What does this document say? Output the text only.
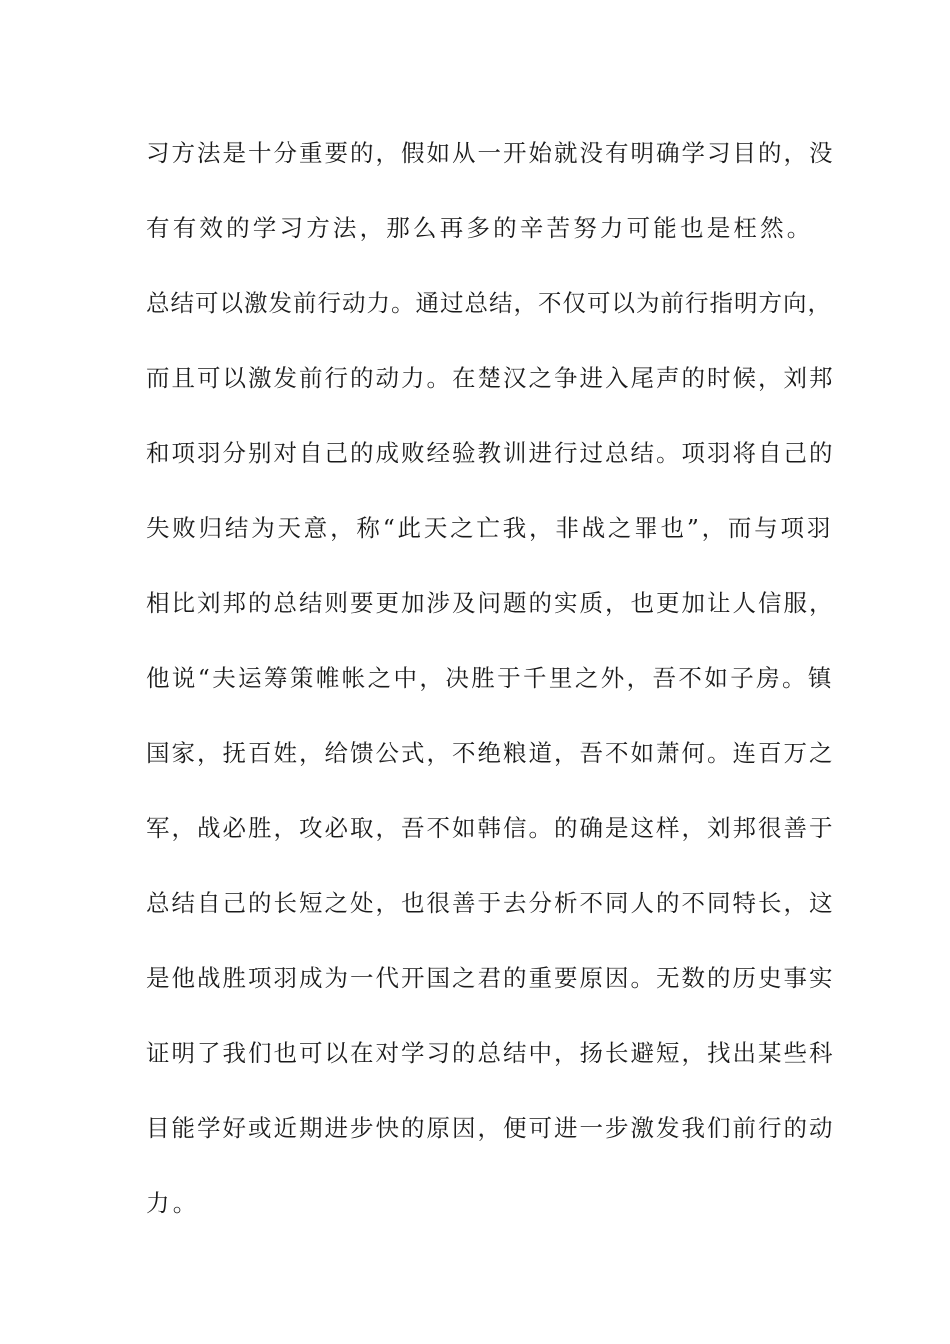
习方法是十分重要的，假如从一开始就没有明确学习目的，没
有有效的学习方法，那么再多的辛苦努力可能也是枉然。
总结可以激发前行动力。通过总结，不仅可以为前行指明方向，
而且可以激发前行的动力。在楚汉之争进入尾声的时候，刘邦
和项羽分别对自己的成败经验教训进行过总结。项羽将自己的
失败归结为天意，称“此天之亡我，非战之罪也”，而与项羽
相比刘邦的总结则要更加涉及问题的实质，也更加让人信服，
他说“夫运筹策帷帐之中，决胜于千里之外，吾不如子房。镇
国家，抚百姓，给馈公式，不绝粮道，吾不如萧何。连百万之
军，战必胜，攻必取，吾不如韩信。的确是这样，刘邦很善于
总结自己的长短之处，也很善于去分析不同人的不同特长，这
是他战胜项羽成为一代开国之君的重要原因。无数的历史事实
证明了我们也可以在对学习的总结中，扬长避短，找出某些科
目能学好或近期进步快的原因，便可进一步激发我们前行的动
力。
